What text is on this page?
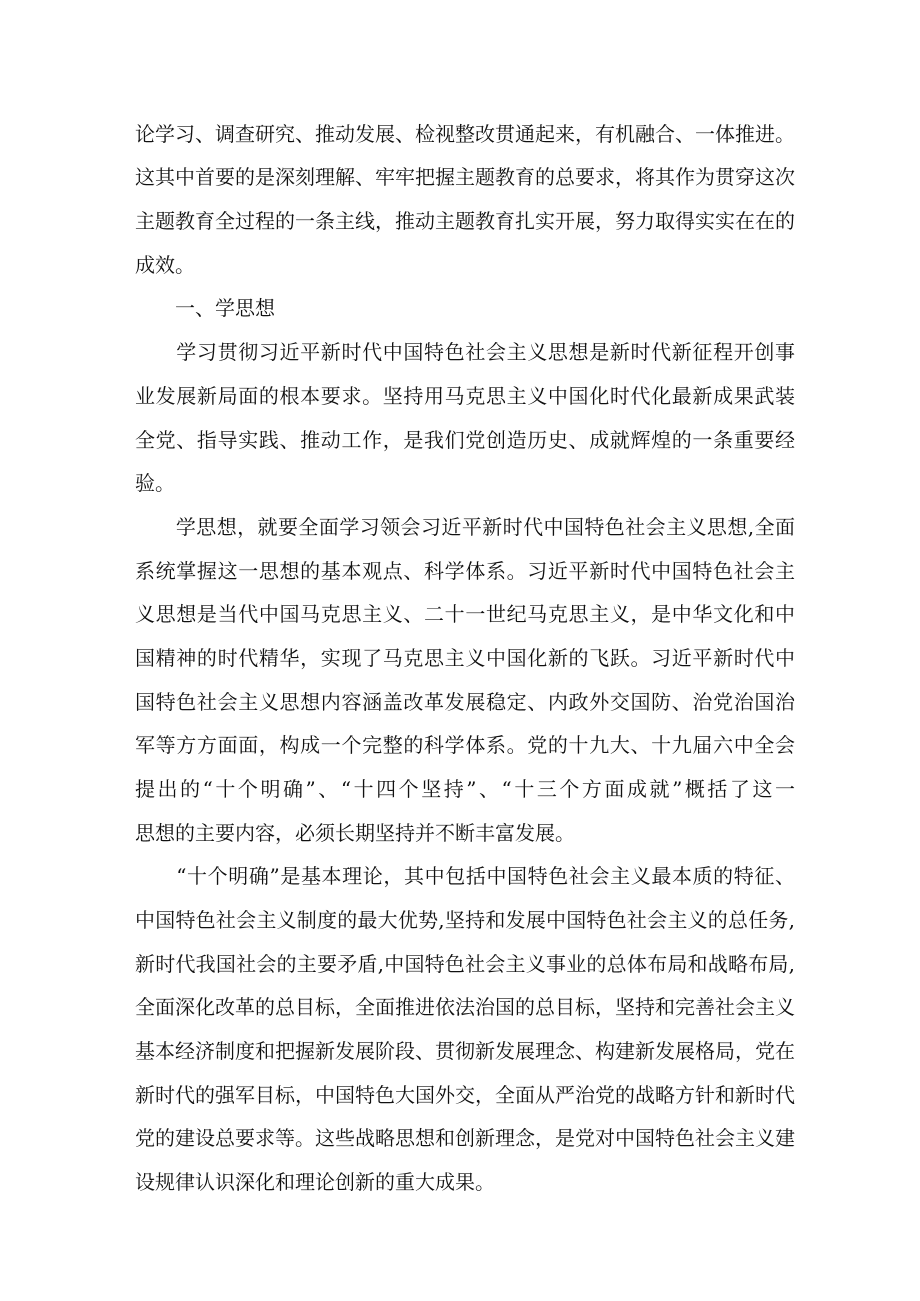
论学习、调查研究、推动发展、检视整改贯通起来，有机融合、一体推进。
这其中首要的是深刻理解、牢牢把握主题教育的总要求，将其作为贯穿这次
主题教育全过程的一条主线，推动主题教育扎实开展，努力取得实实在在的
成效。
一、学思想
　　学习贯彻习近平新时代中国特色社会主义思想是新时代新征程开创事
业发展新局面的根本要求。坚持用马克思主义中国化时代化最新成果武装
全党、指导实践、推动工作，是我们党创造历史、成就辉煌的一条重要经
验。
　　学思想，就要全面学习领会习近平新时代中国特色社会主义思想,全面
系统掌握这一思想的基本观点、科学体系。习近平新时代中国特色社会主
义思想是当代中国马克思主义、二十一世纪马克思主义，是中华文化和中
国精神的时代精华，实现了马克思主义中国化新的飞跃。习近平新时代中
国特色社会主义思想内容涵盖改革发展稳定、内政外交国防、治党治国治
军等方方面面，构成一个完整的科学体系。党的十九大、十九届六中全会
提出的“十个明确”、“十四个坚持”、“十三个方面成就”概括了这一
思想的主要内容，必须长期坚持并不断丰富发展。
　　“十个明确”是基本理论，其中包括中国特色社会主义最本质的特征、
中国特色社会主义制度的最大优势,坚持和发展中国特色社会主义的总任务,
新时代我国社会的主要矛盾,中国特色社会主义事业的总体布局和战略布局,
全面深化改革的总目标，全面推进依法治国的总目标，坚持和完善社会主义
基本经济制度和把握新发展阶段、贯彻新发展理念、构建新发展格局，党在
新时代的强军目标，中国特色大国外交，全面从严治党的战略方针和新时代
党的建设总要求等。这些战略思想和创新理念，是党对中国特色社会主义建
设规律认识深化和理论创新的重大成果。
